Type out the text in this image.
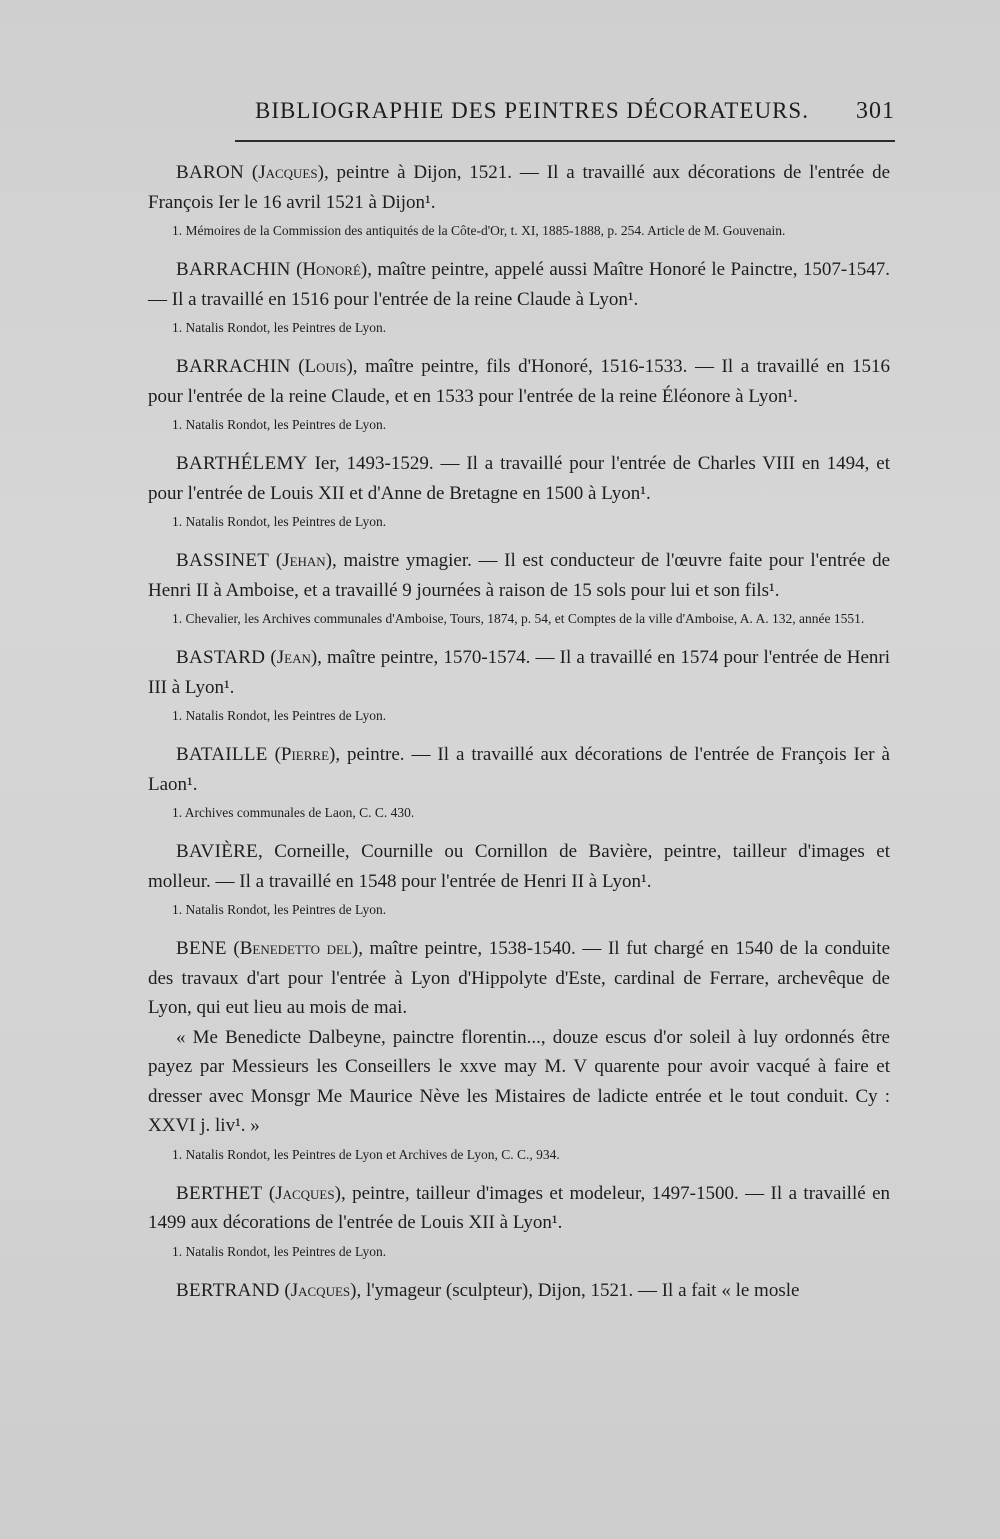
BIBLIOGRAPHIE DES PEINTRES DÉCORATEURS. 301

BARON (Jacques), peintre à Dijon, 1521. — Il a travaillé aux décorations de l'entrée de François Ier le 16 avril 1521 à Dijon¹.

1. Mémoires de la Commission des antiquités de la Côte-d'Or, t. XI, 1885-1888, p. 254. Article de M. Gouvenain.

BARRACHIN (Honoré), maître peintre, appelé aussi Maître Honoré le Painctre, 1507-1547. — Il a travaillé en 1516 pour l'entrée de la reine Claude à Lyon¹.

1. Natalis Rondot, les Peintres de Lyon.

BARRACHIN (Louis), maître peintre, fils d'Honoré, 1516-1533. — Il a travaillé en 1516 pour l'entrée de la reine Claude, et en 1533 pour l'entrée de la reine Éléonore à Lyon¹.

1. Natalis Rondot, les Peintres de Lyon.

BARTHÉLEMY Ier, 1493-1529. — Il a travaillé pour l'entrée de Charles VIII en 1494, et pour l'entrée de Louis XII et d'Anne de Bretagne en 1500 à Lyon¹.

1. Natalis Rondot, les Peintres de Lyon.

BASSINET (Jehan), maistre ymagier. — Il est conducteur de l'œuvre faite pour l'entrée de Henri II à Amboise, et a travaillé 9 journées à raison de 15 sols pour lui et son fils¹.

1. Chevalier, les Archives communales d'Amboise, Tours, 1874, p. 54, et Comptes de la ville d'Amboise, A. A. 132, année 1551.

BASTARD (Jean), maître peintre, 1570-1574. — Il a travaillé en 1574 pour l'entrée de Henri III à Lyon¹.

1. Natalis Rondot, les Peintres de Lyon.

BATAILLE (Pierre), peintre. — Il a travaillé aux décorations de l'entrée de François Ier à Laon¹.

1. Archives communales de Laon, C. C. 430.

BAVIÈRE, Corneille, Cournille ou Cornillon de Bavière, peintre, tailleur d'images et molleur. — Il a travaillé en 1548 pour l'entrée de Henri II à Lyon¹.

1. Natalis Rondot, les Peintres de Lyon.

BENE (Benedetto del), maître peintre, 1538-1540. — Il fut chargé en 1540 de la conduite des travaux d'art pour l'entrée à Lyon d'Hippolyte d'Este, cardinal de Ferrare, archevêque de Lyon, qui eut lieu au mois de mai.

« Me Benedicte Dalbeyne, painctre florentin..., douze escus d'or soleil à luy ordonnés être payez par Messieurs les Conseillers le xxve may M. V quarente pour avoir vacqué à faire et dresser avec Monsgr Me Maurice Nève les Mistaires de ladicte entrée et le tout conduit. Cy : XXVI j. liv¹. »

1. Natalis Rondot, les Peintres de Lyon et Archives de Lyon, C. C., 934.

BERTHET (Jacques), peintre, tailleur d'images et modeleur, 1497-1500. — Il a travaillé en 1499 aux décorations de l'entrée de Louis XII à Lyon¹.

1. Natalis Rondot, les Peintres de Lyon.

BERTRAND (Jacques), l'ymageur (sculpteur), Dijon, 1521. — Il a fait « le mosle
